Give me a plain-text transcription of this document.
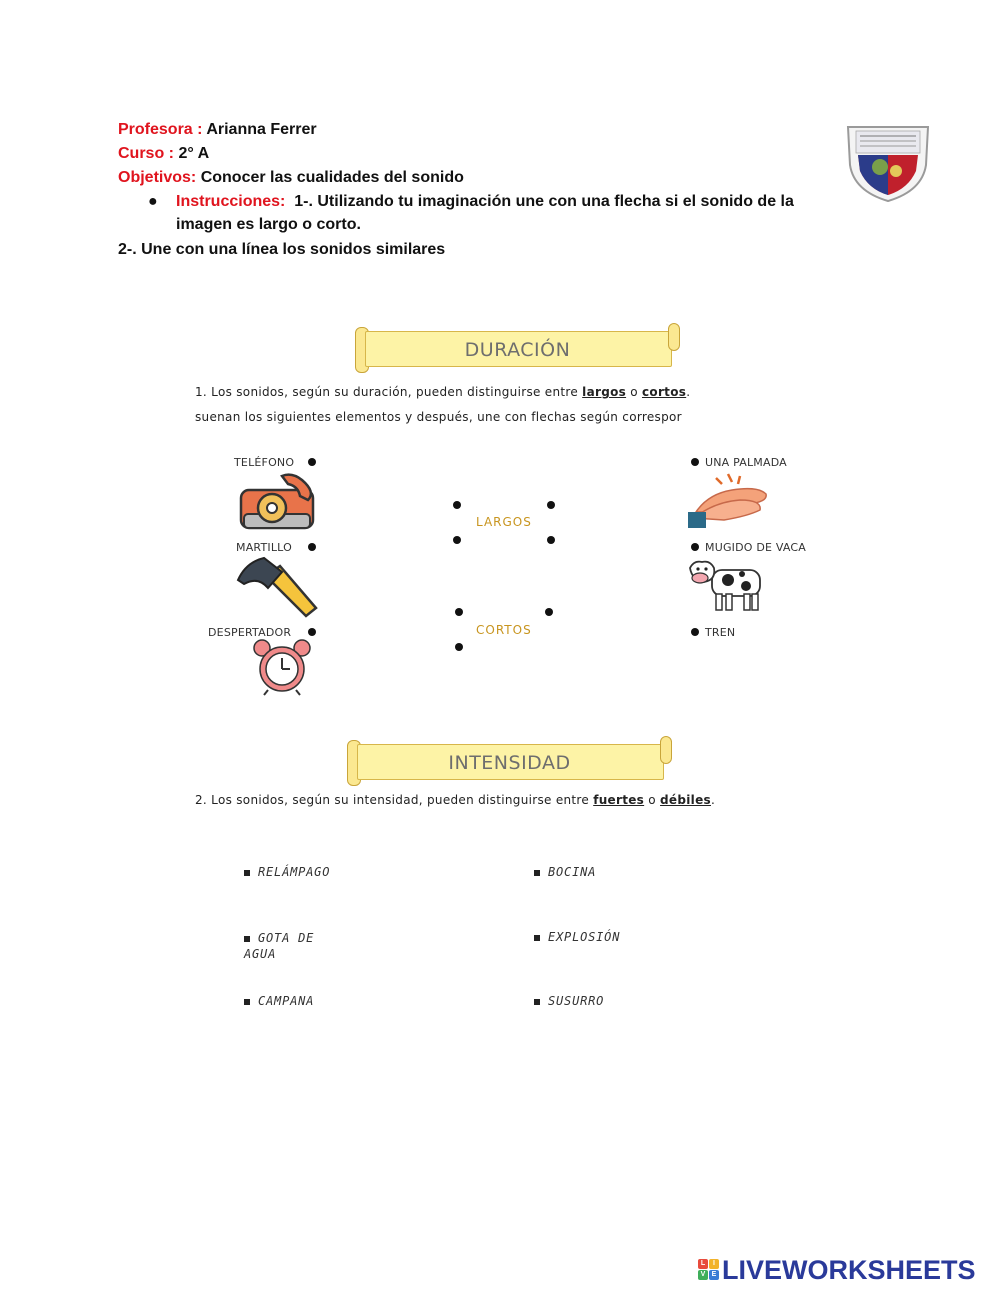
Profesora : Arianna Ferrer
Curso : 2° A
Objetivos: Conocer las cualidades del sonido
● Instrucciones: 1-. Utilizando tu imaginación une con una flecha si el sonido de la imagen es largo o corto.
2-. Une con una línea los sonidos similares
DURACIÓN
1. Los sonidos, según su duración, pueden distinguirse entre largos o cortos.
suenan los siguientes elementos y después, une con flechas según correspor
TELÉFONO
MARTILLO
DESPERTADOR
LARGOS
CORTOS
UNA PALMADA
MUGIDO DE VACA
TREN
INTENSIDAD
2. Los sonidos, según su intensidad, pueden distinguirse entre fuertes o débiles.
RELÁMPAGO
GOTA DE AGUA
CAMPANA
BOCINA
EXPLOSIÓN
SUSURRO
L	I
V E LIVEWORKSHEETS
